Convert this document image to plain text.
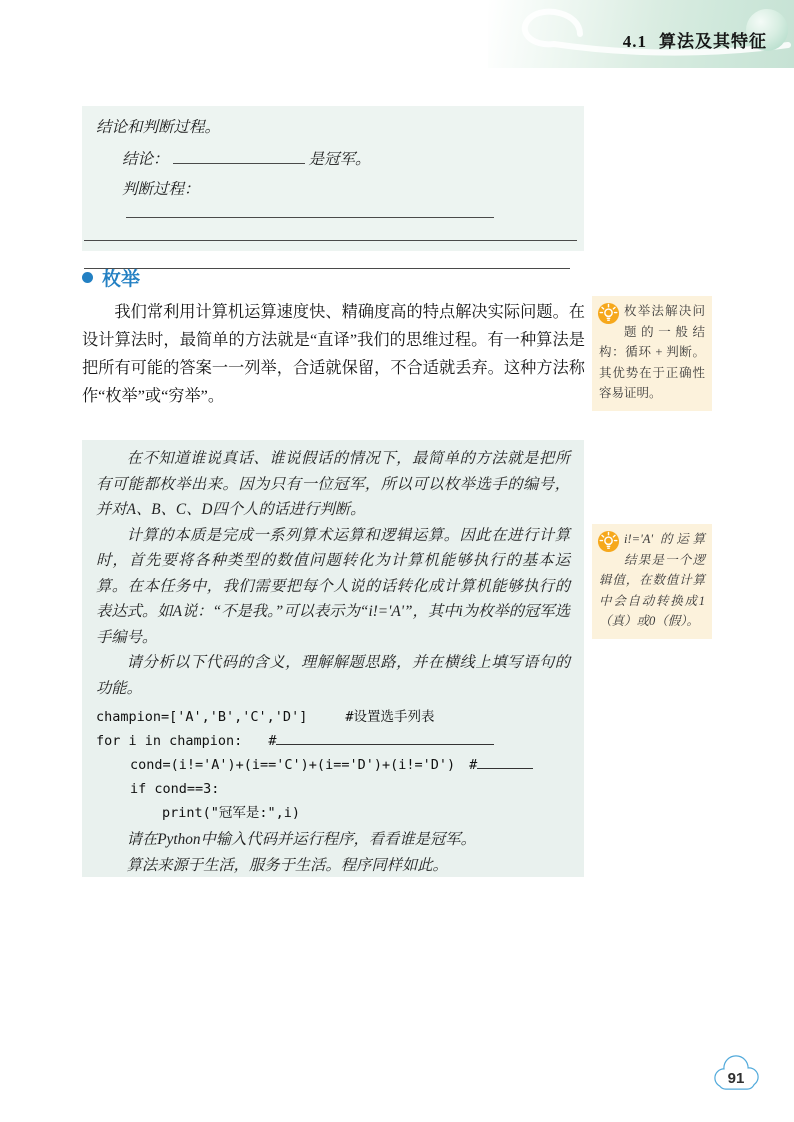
4.1 算法及其特征
结论和判断过程。
结论：	是冠军。
判断过程：
枚举
我们常利用计算机运算速度快、精确度高的特点解决实际问题。在设计算法时，最简单的方法就是“直译”我们的思维过程。有一种算法是把所有可能的答案一一列举，合适就保留，不合适就丢弃。这种方法称作“枚举”或“穷举”。
枚举法解决问题的一般结构：循环 + 判断。其优势在于正确性容易证明。
i!='A' 的运算结果是一个逻辑值，在数值计算中会自动转换成1（真）或0（假）。

在不知道谁说真话、谁说假话的情况下，最简单的方法就是把所有可能都枚举出来。因为只有一位冠军，所以可以枚举选手的编号，并对A、B、C、D四个人的话进行判断。

计算的本质是完成一系列算术运算和逻辑运算。因此在进行计算时，首先要将各种类型的数值问题转化为计算机能够执行的基本运算。在本任务中，我们需要把每个人说的话转化成计算机能够执行的表达式。如A说：“不是我。”可以表示为“i!='A'”，其中i为枚举的冠军选手编号。

请分析以下代码的含义，理解解题思路，并在横线上填写语句的功能。

champion=['A','B','C','D']	#设置选手列表
for i in champion: #
cond=(i!='A')+(i=='C')+(i=='D')+(i!='D') #
if cond==3:
print("冠军是:",i)

请在Python中输入代码并运行程序，看看谁是冠军。

算法来源于生活，服务于生活。程序同样如此。

91
